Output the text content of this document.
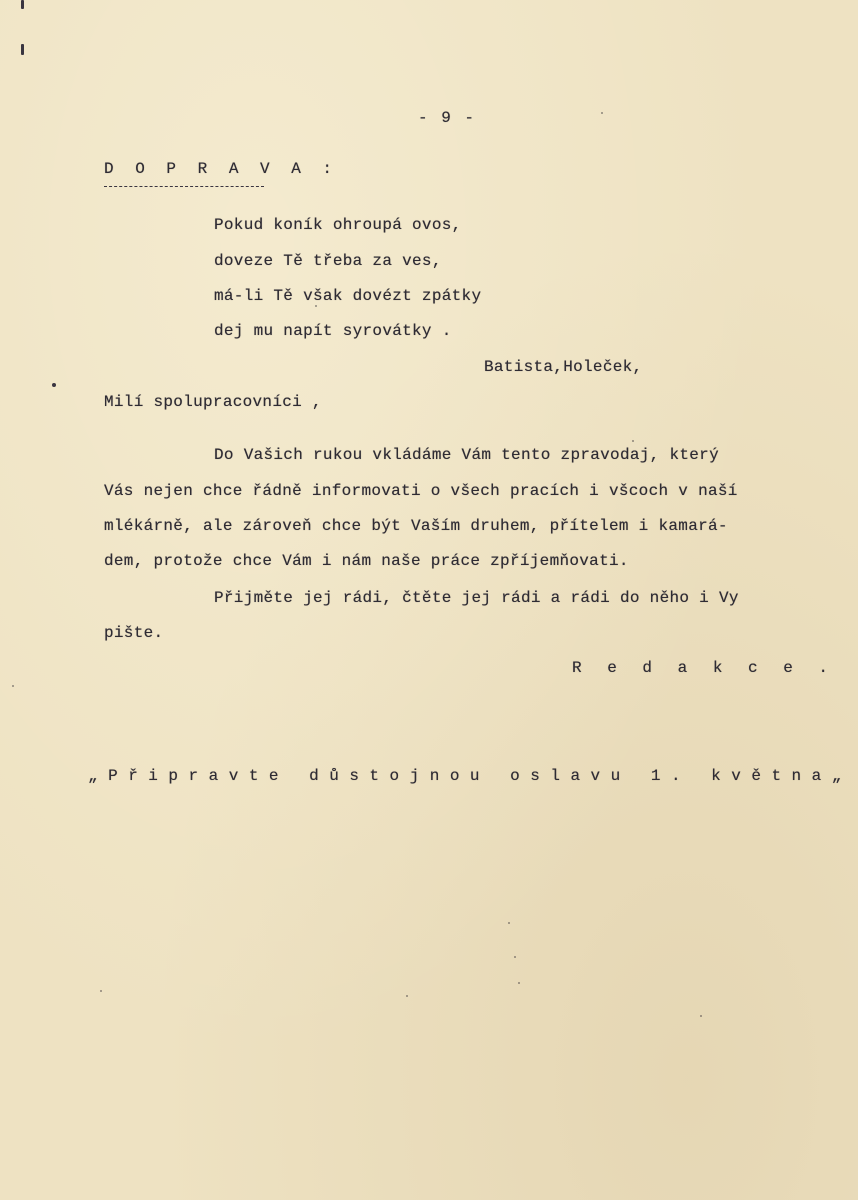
- 9 -
D O P R A V A :
Pokud koník ohroupá ovos,
doveze Tě třeba za ves,
má-li Tě však dovézt zpátky
dej mu napít syrovátky .
Batista,Holeček,
Milí spolupracovníci ,
Do Vašich rukou vkládáme Vám tento zpravodaj, který
Vás nejen chce řádně informovati o všech pracích i všcoch v naší
mlékárně, ale zároveň chce být Vaším druhem, přítelem i kamará-
dem, protože chce Vám i nám naše práce zpříjemňovati.
Přijměte jej rádi, čtěte jej rádi a rádi do něho i Vy
pište.
R e d a k c e .
„Připravte důstojnou oslavu 1. května„
